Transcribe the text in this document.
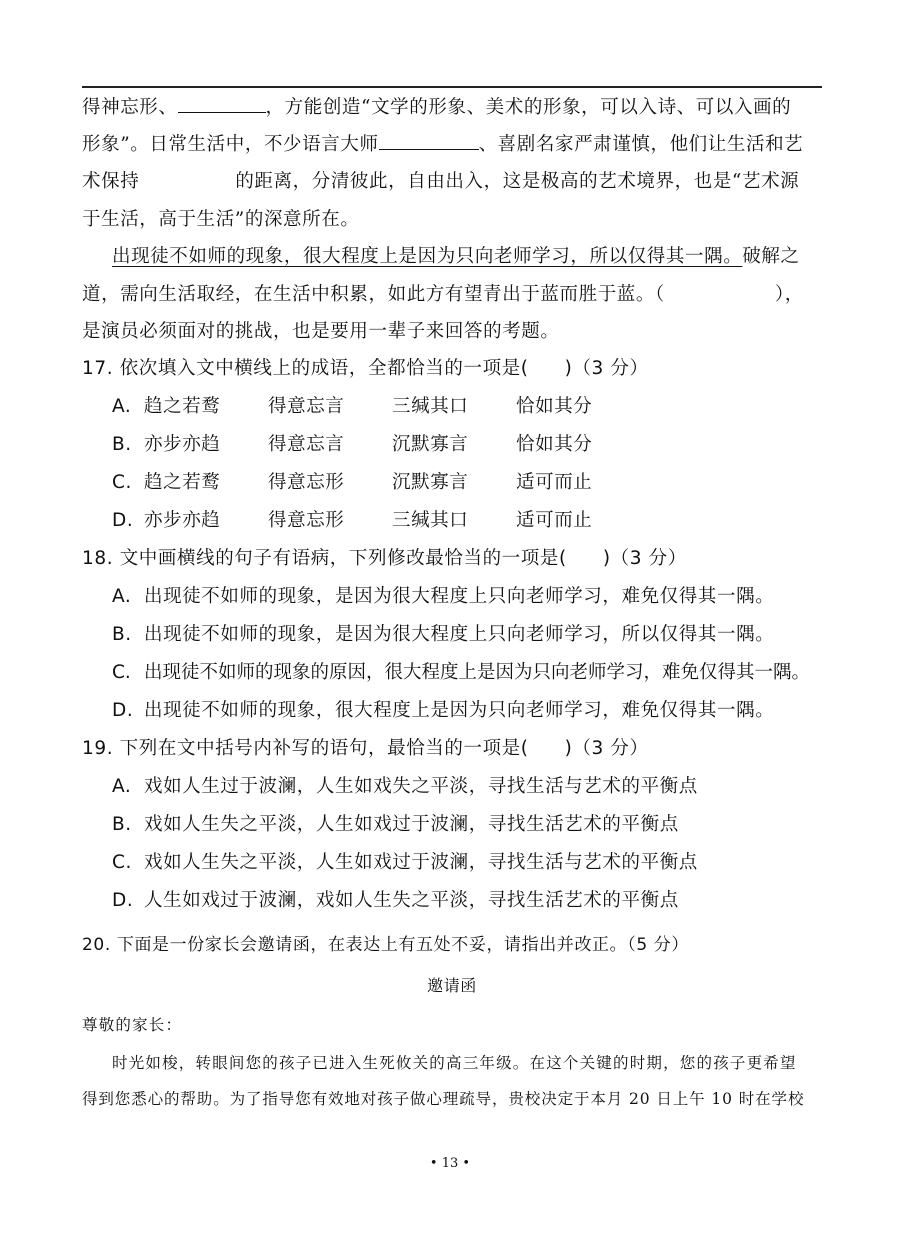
得神忘形、	，方能创造“文学的形象、美术的形象，可以入诗、可以入画的
形象”。日常生活中，不少语言大师	、喜剧名家严肃谨慎，他们让生活和艺
术保持	的距离，分清彼此，自由出入，这是极高的艺术境界，也是“艺术源
于生活，高于生活”的深意所在。
出现徒不如师的现象，很大程度上是因为只向老师学习，所以仅得其一隅。破解之
道，需向生活取经，在生活中积累，如此方有望青出于蓝而胜于蓝。（	），
是演员必须面对的挑战，也是要用一辈子来回答的考题。
17. 依次填入文中横线上的成语，全都恰当的一项是( )（3 分）
A. 趋之若鹜	得意忘言	三缄其口	恰如其分
B. 亦步亦趋	得意忘言	沉默寡言	恰如其分
C. 趋之若鹜	得意忘形	沉默寡言	适可而止
D. 亦步亦趋	得意忘形	三缄其口	适可而止
18. 文中画横线的句子有语病，下列修改最恰当的一项是( )（3 分）
A. 出现徒不如师的现象，是因为很大程度上只向老师学习，难免仅得其一隅。
B. 出现徒不如师的现象，是因为很大程度上只向老师学习，所以仅得其一隅。
C. 出现徒不如师的现象的原因，很大程度上是因为只向老师学习，难免仅得其一隅。
D. 出现徒不如师的现象，很大程度上是因为只向老师学习，难免仅得其一隅。
19. 下列在文中括号内补写的语句，最恰当的一项是( )（3 分）
A. 戏如人生过于波澜，人生如戏失之平淡，寻找生活与艺术的平衡点
B. 戏如人生失之平淡，人生如戏过于波澜，寻找生活艺术的平衡点
C. 戏如人生失之平淡，人生如戏过于波澜，寻找生活与艺术的平衡点
D. 人生如戏过于波澜，戏如人生失之平淡，寻找生活艺术的平衡点
20. 下面是一份家长会邀请函，在表达上有五处不妥，请指出并改正。（5 分）
邀请函
尊敬的家长：
时光如梭，转眼间您的孩子已进入生死攸关的高三年级。在这个关键的时期，您的孩子更希望
得到您悉心的帮助。为了指导您有效地对孩子做心理疏导，贵校决定于本月 20 日上午 10 时在学校
• 13 •
